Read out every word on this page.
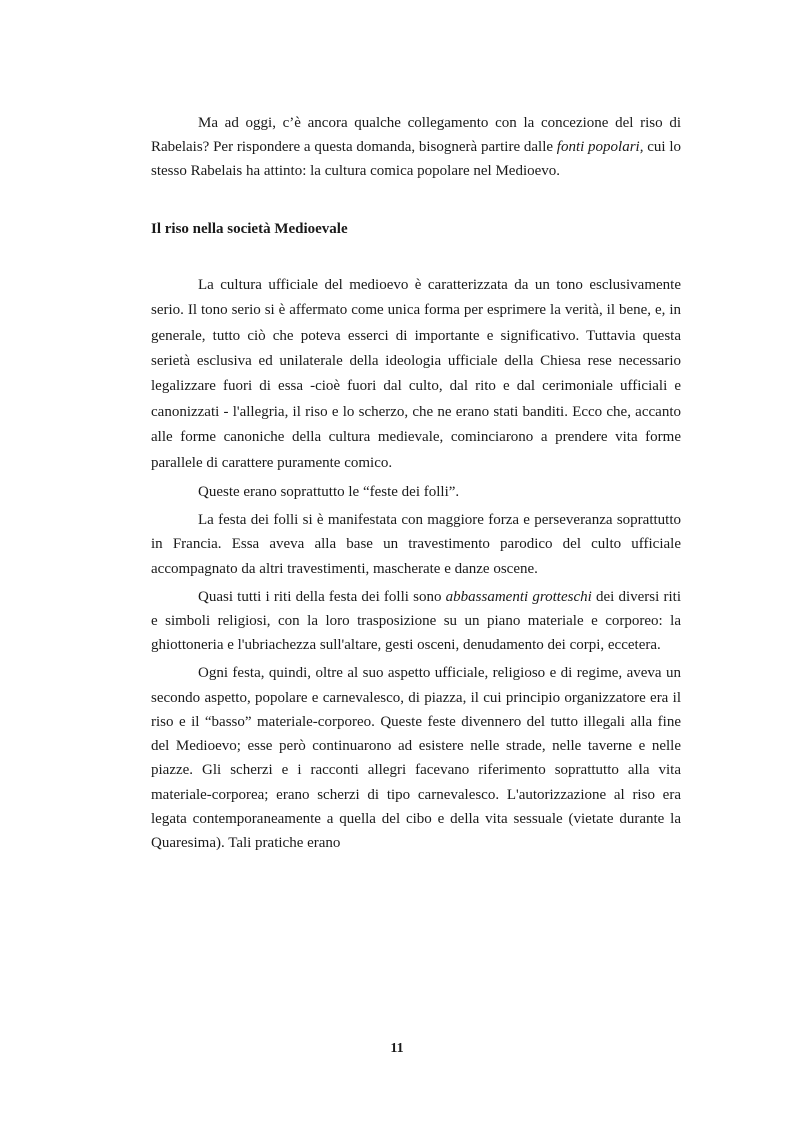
Ma ad oggi, c’è ancora qualche collegamento con la concezione del riso di Rabelais? Per rispondere a questa domanda, bisognerà partire dalle fonti popolari, cui lo stesso Rabelais ha attinto: la cultura comica popolare nel Medioevo.

Il riso nella società Medioevale

La cultura ufficiale del medioevo è caratterizzata da un tono esclusivamente serio. Il tono serio si è affermato come unica forma per esprimere la verità, il bene, e, in generale, tutto ciò che poteva esserci di importante e significativo. Tuttavia questa serietà esclusiva ed unilaterale della ideologia ufficiale della Chiesa rese necessario legalizzare fuori di essa -cioè fuori dal culto, dal rito e dal cerimoniale ufficiali e canonizzati - l'allegria, il riso e lo scherzo, che ne erano stati banditi. Ecco che, accanto alle forme canoniche della cultura medievale, cominciarono a prendere vita forme parallele di carattere puramente comico.

Queste erano soprattutto le “feste dei folli”.

La festa dei folli si è manifestata con maggiore forza e perseveranza soprattutto in Francia. Essa aveva alla base un travestimento parodico del culto ufficiale accompagnato da altri travestimenti, mascherate e danze oscene.

Quasi tutti i riti della festa dei folli sono abbassamenti grotteschi dei diversi riti e simboli religiosi, con la loro trasposizione su un piano materiale e corporeo: la ghiottoneria e l'ubriachezza sull'altare, gesti osceni, denudamento dei corpi, eccetera.

Ogni festa, quindi, oltre al suo aspetto ufficiale, religioso e di regime, aveva un secondo aspetto, popolare e carnevalesco, di piazza, il cui principio organizzatore era il riso e il “basso” materiale-corporeo. Queste feste divennero del tutto illegali alla fine del Medioevo; esse però continuarono ad esistere nelle strade, nelle taverne e nelle piazze. Gli scherzi e i racconti allegri facevano riferimento soprattutto alla vita materiale-corporea; erano scherzi di tipo carnevalesco. L'autorizzazione al riso era legata contemporaneamente a quella del cibo e della vita sessuale (vietate durante la Quaresima). Tali pratiche erano

11
